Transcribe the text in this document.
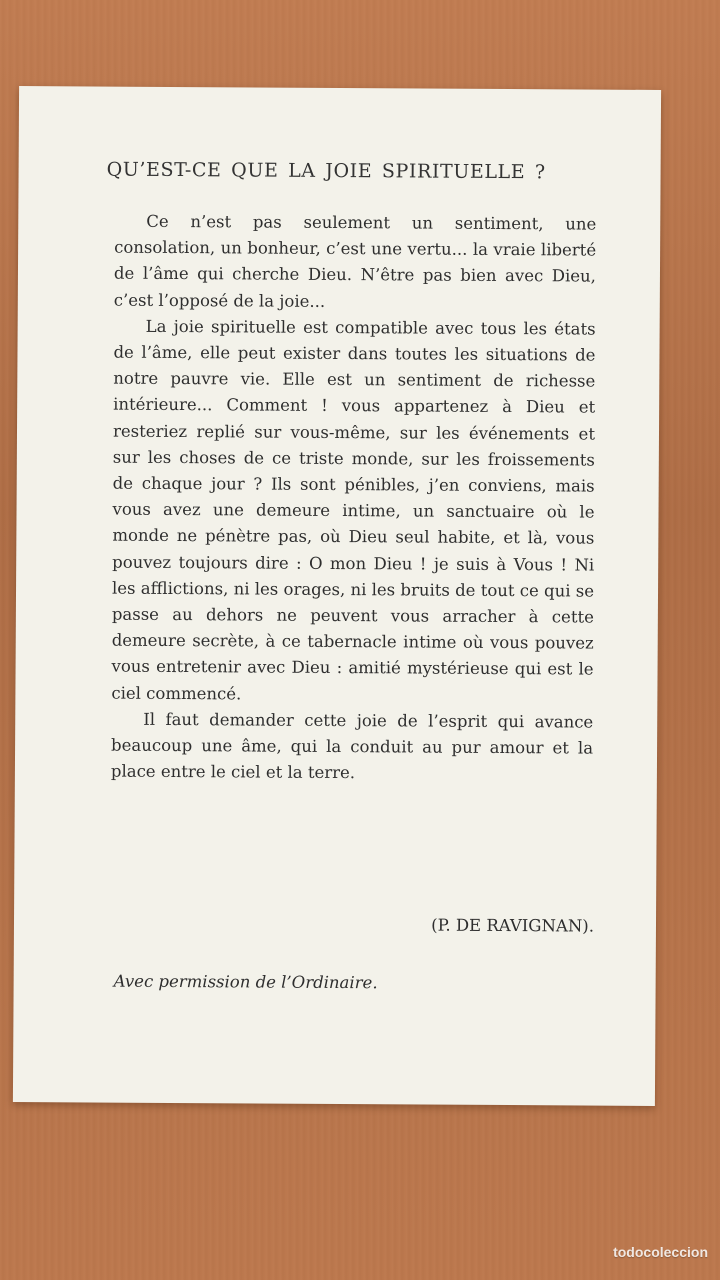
QU’EST-CE QUE LA JOIE SPIRITUELLE ?

Ce n’est pas seulement un sentiment, une consolation, un bonheur, c’est une vertu... la vraie liberté de l’âme qui cherche Dieu. N’être pas bien avec Dieu, c’est l’opposé de la joie...

La joie spirituelle est compatible avec tous les états de l’âme, elle peut exister dans toutes les situations de notre pauvre vie. Elle est un sentiment de richesse intérieure... Comment ! vous appartenez à Dieu et resteriez replié sur vous-même, sur les événements et sur les choses de ce triste monde, sur les froissements de chaque jour ? Ils sont pénibles, j’en conviens, mais vous avez une demeure intime, un sanctuaire où le monde ne pénètre pas, où Dieu seul habite, et là, vous pouvez toujours dire : O mon Dieu ! je suis à Vous ! Ni les afflictions, ni les orages, ni les bruits de tout ce qui se passe au dehors ne peuvent vous arracher à cette demeure secrète, à ce tabernacle intime où vous pouvez vous entretenir avec Dieu : amitié mystérieuse qui est le ciel commencé.

Il faut demander cette joie de l’esprit qui avance beaucoup une âme, qui la conduit au pur amour et la place entre le ciel et la terre.

(P. DE RAVIGNAN).
Avec permission de l’Ordinaire.
todocoleccion
